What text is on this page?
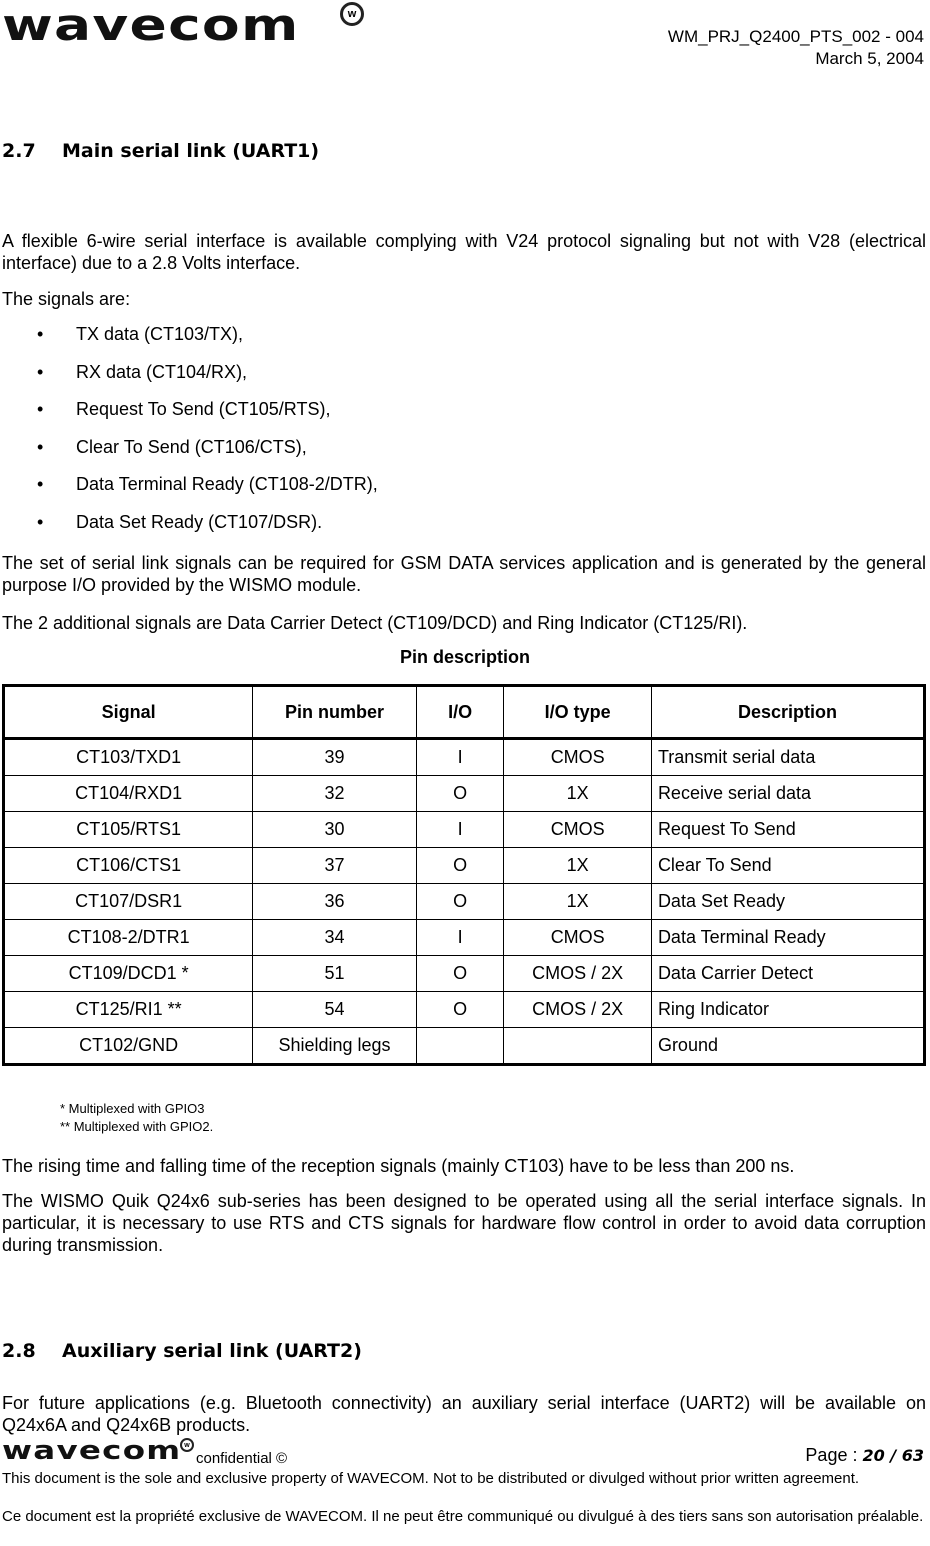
wavecom	w
WM_PRJ_Q2400_PTS_002 - 004
March 5, 2004
2.7 Main serial link (UART1)
A flexible 6-wire serial interface is available complying with V24 protocol signaling but not with V28 (electrical interface) due to a 2.8 Volts interface.
The signals are:
• TX data (CT103/TX),
• RX data (CT104/RX),
• Request To Send (CT105/RTS),
• Clear To Send (CT106/CTS),
• Data Terminal Ready (CT108-2/DTR),
• Data Set Ready (CT107/DSR).
The set of serial link signals can be required for GSM DATA services application and is generated by the general purpose I/O provided by the WISMO module.
The 2 additional signals are Data Carrier Detect (CT109/DCD) and Ring Indicator (CT125/RI).
Pin description
Signal	Pin number	I/O	I/O type	Description
CT103/TXD1	39	I	CMOS	Transmit serial data
CT104/RXD1	32	O	1X	Receive serial data
CT105/RTS1	30	I	CMOS	Request To Send
CT106/CTS1	37	O	1X	Clear To Send
CT107/DSR1	36	O	1X	Data Set Ready
CT108-2/DTR1	34	I	CMOS	Data Terminal Ready
CT109/DCD1 *	51	O	CMOS / 2X	Data Carrier Detect
CT125/RI1 **	54	O	CMOS / 2X	Ring Indicator
CT102/GND	Shielding legs			Ground
* Multiplexed with GPIO3
** Multiplexed with GPIO2.
The rising time and falling time of the reception signals (mainly CT103) have to be less than 200 ns.
The WISMO Quik Q24x6 sub-series has been designed to be operated using all the serial interface signals. In particular, it is necessary to use RTS and CTS signals for hardware flow control in order to avoid data corruption during transmission.
2.8 Auxiliary serial link (UART2)
For future applications (e.g. Bluetooth connectivity) an auxiliary serial interface (UART2) will be available on Q24x6A and Q24x6B products.
wavecom w
confidential ©	Page : 20 / 63
This document is the sole and exclusive property of WAVECOM. Not to be distributed or divulged without prior written agreement.
Ce document est la propriété exclusive de WAVECOM. Il ne peut être communiqué ou divulgué à des tiers sans son autorisation préalable.
